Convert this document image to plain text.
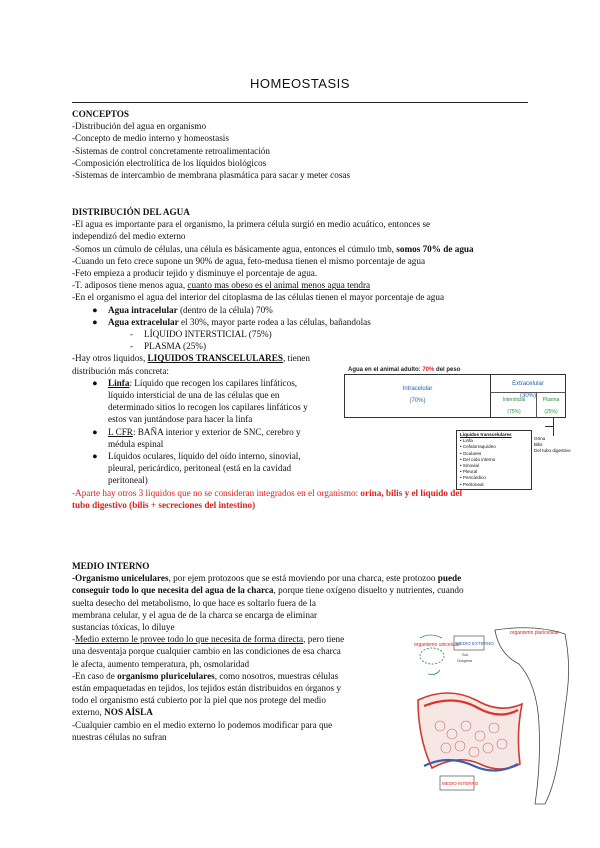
HOMEOSTASIS
CONCEPTOS
-Distribución del agua en organismo
-Concepto de medio interno y homeostasis
-Sistemas de control concretamente retroalimentación
-Composición electrolítica de los líquidos biológicos
-Sistemas de intercambio de membrana plasmática para sacar y meter cosas
DISTRIBUCIÓN DEL AGUA
-El agua es importante para el organismo, la primera célula surgió en medio acuático, entonces se
independizó del medio externo
-Somos un cúmulo de células, una célula es básicamente agua, entonces el cúmulo tmb, somos 70% de agua
-Cuando un feto crece supone un 90% de agua, feto-medusa tienen el mismo porcentaje de agua
-Feto empieza a producir tejido y disminuye el porcentaje de agua.
-T. adiposos tiene menos agua, cuanto mas obeso es el animal menos agua tendra
-En el organismo el agua del interior del citoplasma de las células tienen el mayor porcentaje de agua
● Agua intracelular (dentro de la célula) 70%
● Agua extracelular el 30%, mayor parte rodea a las células, bañandolas
- LÍQUIDO INTERSTICIAL (75%)
- PLASMA (25%)
-Hay otros liquidos, LIQUIDOS TRANSCELULARES, tienen
distribución más concreta:
● Linfa: Líquido que recogen los capilares linfáticos,
líquido intersticial de una de las células que en
determinado sitios lo recogen los capilares linfáticos y
estos van juntándose para hacer la linfa
● L CFR: BAÑA interior y exterior de SNC, cerebro y
médula espinal
● Líquidos oculares, líquido del oído interno, sinovial,
pleural, pericárdico, peritoneal (está en la cavidad
peritoneal)
-Aparte hay otros 3 líquidos que no se consideran integrados en el organismo: orina, bilis y el líquido del
tubo digestivo (bilis + secreciones del intestino)
Agua en el animal adulto: 70% del peso
Intracelular
(70%)
Extracelular
(30%)
Intersticial
(75%)
Plasma
(25%)
Líquidos transcelulares
• Linfa
• Cefalorraquídeo
• Oculares
• Del oído interno
• Sinovial
• Pleural
• Pericárdico
• Peritoneal
Orina
Bilis
Del tubo digestivo
MEDIO INTERNO
-Organismo unicelulares, por ejem protozoos que se está moviendo por una charca, este protozoo puede
conseguir todo lo que necesita del agua de la charca, porque tiene oxígeno disuelto y nutrientes, cuando
suelta desecho del metabolismo, lo que hace es soltarlo fuera de la
membrana celular, y el agua de de la charca se encarga de eliminar
sustancias tóxicas, lo diluye
-Medio externo le provee todo lo que necesita de forma directa, pero tiene
una desventaja porque cualquier cambio en las condiciones de esa charca
le afecta, aumento temperatura, ph, osmolaridad
-En caso de organismo pluricelulares, como nosotros, muestras células
están empaquetadas en tejidos, los tejidos están distribuidos en órganos y
todo el organismo está cubierto por la piel que nos protege del medio
externo, NOS AÍSLA
-Cualquier cambio en el medio externo lo podemos modificar para que
nuestras células no sufran
organismo unicelular
MEDIO EXTERNO
Sol
Oxígeno
organismo pluricelular
MEDIO INTERNO
